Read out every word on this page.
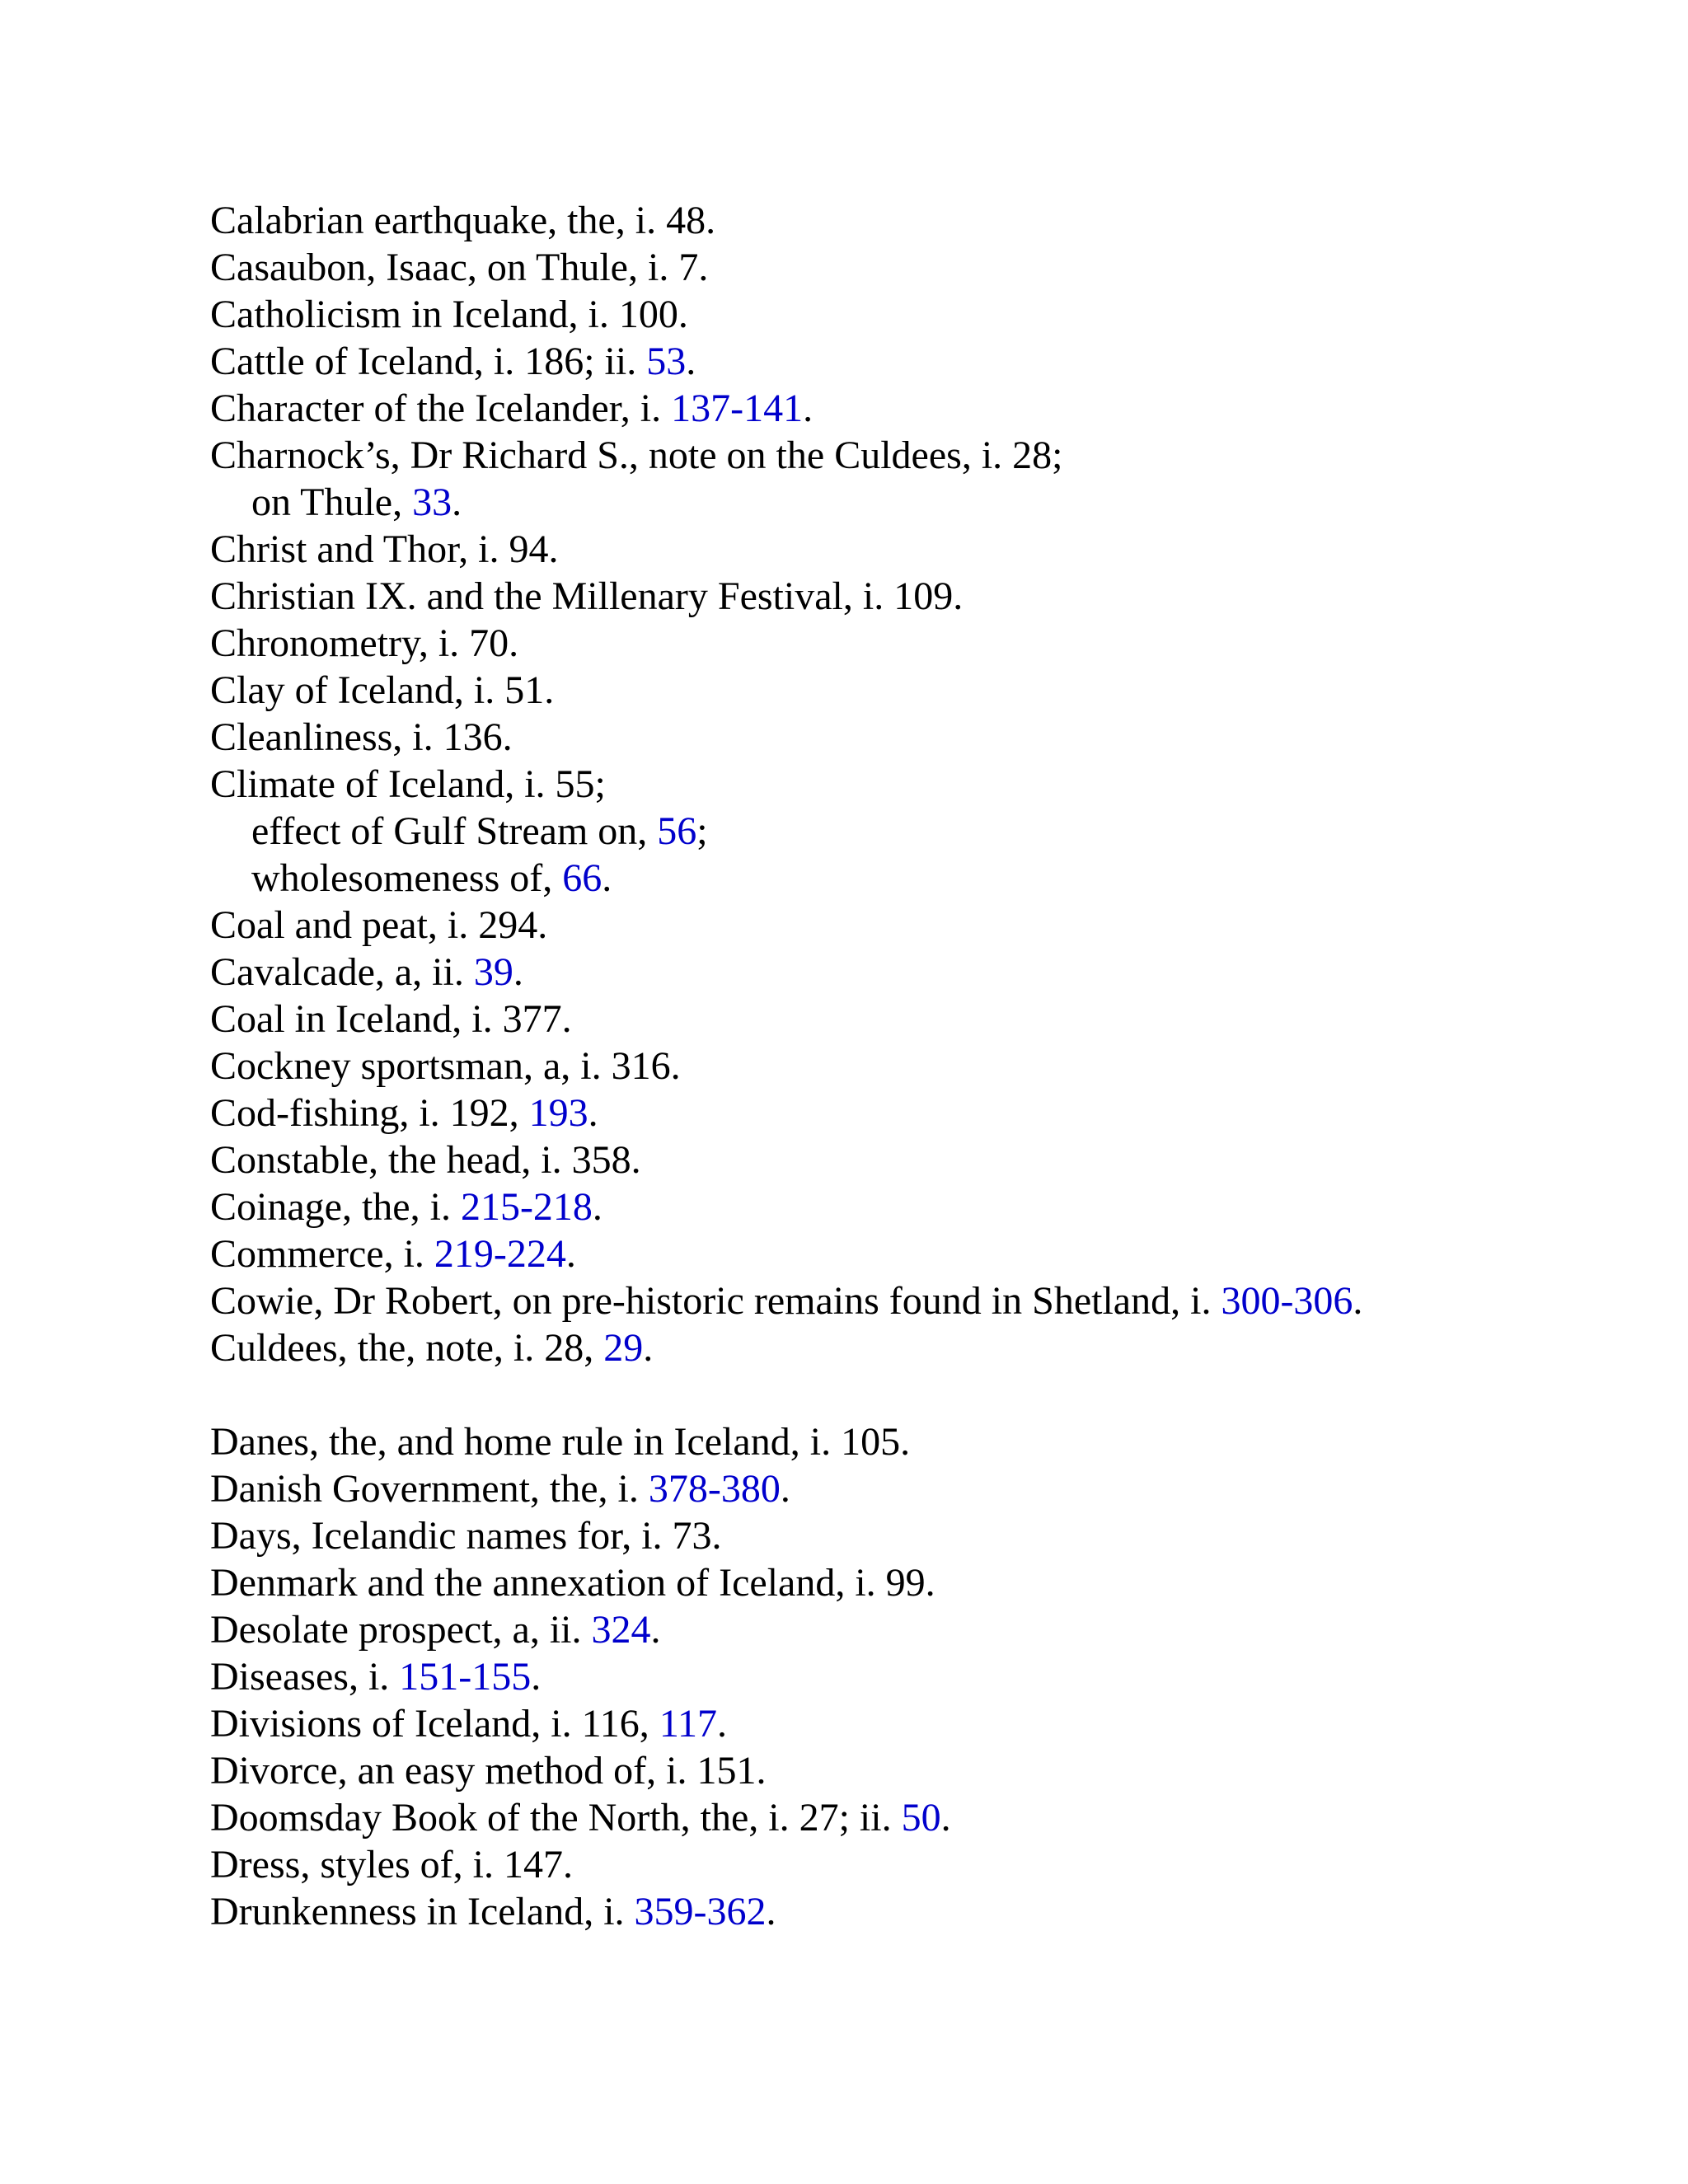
Calabrian earthquake, the, i. 48.
Casaubon, Isaac, on Thule, i. 7.
Catholicism in Iceland, i. 100.
Cattle of Iceland, i. 186; ii. 53.
Character of the Icelander, i. 137-141.
Charnock’s, Dr Richard S., note on the Culdees, i. 28;
on Thule, 33.
Christ and Thor, i. 94.
Christian IX. and the Millenary Festival, i. 109.
Chronometry, i. 70.
Clay of Iceland, i. 51.
Cleanliness, i. 136.
Climate of Iceland, i. 55;
effect of Gulf Stream on, 56;
wholesomeness of, 66.
Coal and peat, i. 294.
Cavalcade, a, ii. 39.
Coal in Iceland, i. 377.
Cockney sportsman, a, i. 316.
Cod-fishing, i. 192, 193.
Constable, the head, i. 358.
Coinage, the, i. 215-218.
Commerce, i. 219-224.
Cowie, Dr Robert, on pre-historic remains found in Shetland, i. 300-306.
Culdees, the, note, i. 28, 29.
Danes, the, and home rule in Iceland, i. 105.
Danish Government, the, i. 378-380.
Days, Icelandic names for, i. 73.
Denmark and the annexation of Iceland, i. 99.
Desolate prospect, a, ii. 324.
Diseases, i. 151-155.
Divisions of Iceland, i. 116, 117.
Divorce, an easy method of, i. 151.
Doomsday Book of the North, the, i. 27; ii. 50.
Dress, styles of, i. 147.
Drunkenness in Iceland, i. 359-362.
